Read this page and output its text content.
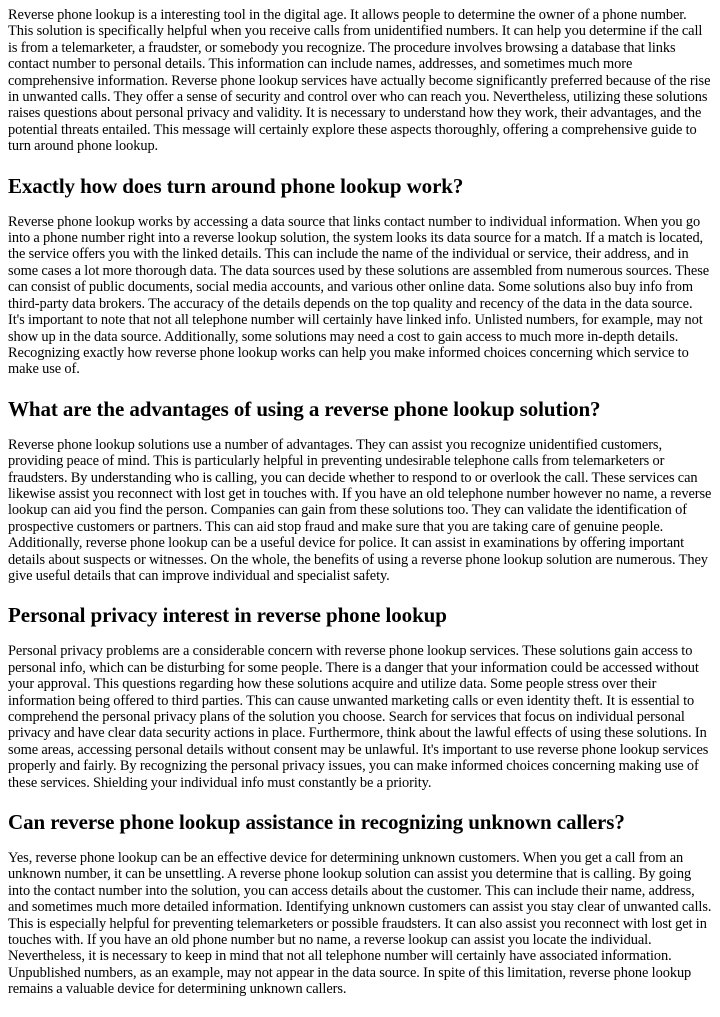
Reverse phone lookup is a interesting tool in the digital age. It allows people to determine the owner of a phone number. This solution is specifically helpful when you receive calls from unidentified numbers. It can help you determine if the call is from a telemarketer, a fraudster, or somebody you recognize. The procedure involves browsing a database that links contact number to personal details. This information can include names, addresses, and sometimes much more comprehensive information. Reverse phone lookup services have actually become significantly preferred because of the rise in unwanted calls. They offer a sense of security and control over who can reach you. Nevertheless, utilizing these solutions raises questions about personal privacy and validity. It is necessary to understand how they work, their advantages, and the potential threats entailed. This message will certainly explore these aspects thoroughly, offering a comprehensive guide to turn around phone lookup.

Exactly how does turn around phone lookup work?

Reverse phone lookup works by accessing a data source that links contact number to individual information. When you go into a phone number right into a reverse lookup solution, the system looks its data source for a match. If a match is located, the service offers you with the linked details. This can include the name of the individual or service, their address, and in some cases a lot more thorough data. The data sources used by these solutions are assembled from numerous sources. These can consist of public documents, social media accounts, and various other online data. Some solutions also buy info from third-party data brokers. The accuracy of the details depends on the top quality and recency of the data in the data source. It's important to note that not all telephone number will certainly have linked info. Unlisted numbers, for example, may not show up in the data source. Additionally, some solutions may need a cost to gain access to much more in-depth details. Recognizing exactly how reverse phone lookup works can help you make informed choices concerning which service to make use of.

What are the advantages of using a reverse phone lookup solution?

Reverse phone lookup solutions use a number of advantages. They can assist you recognize unidentified customers, providing peace of mind. This is particularly helpful in preventing undesirable telephone calls from telemarketers or fraudsters. By understanding who is calling, you can decide whether to respond to or overlook the call. These services can likewise assist you reconnect with lost get in touches with. If you have an old telephone number however no name, a reverse lookup can aid you find the person. Companies can gain from these solutions too. They can validate the identification of prospective customers or partners. This can aid stop fraud and make sure that you are taking care of genuine people. Additionally, reverse phone lookup can be a useful device for police. It can assist in examinations by offering important details about suspects or witnesses. On the whole, the benefits of using a reverse phone lookup solution are numerous. They give useful details that can improve individual and specialist safety.

Personal privacy interest in reverse phone lookup

Personal privacy problems are a considerable concern with reverse phone lookup services. These solutions gain access to personal info, which can be disturbing for some people. There is a danger that your information could be accessed without your approval. This questions regarding how these solutions acquire and utilize data. Some people stress over their information being offered to third parties. This can cause unwanted marketing calls or even identity theft. It is essential to comprehend the personal privacy plans of the solution you choose. Search for services that focus on individual personal privacy and have clear data security actions in place. Furthermore, think about the lawful effects of using these solutions. In some areas, accessing personal details without consent may be unlawful. It's important to use reverse phone lookup services properly and fairly. By recognizing the personal privacy issues, you can make informed choices concerning making use of these services. Shielding your individual info must constantly be a priority.

Can reverse phone lookup assistance in recognizing unknown callers?

Yes, reverse phone lookup can be an effective device for determining unknown customers. When you get a call from an unknown number, it can be unsettling. A reverse phone lookup solution can assist you determine that is calling. By going into the contact number into the solution, you can access details about the customer. This can include their name, address, and sometimes much more detailed information. Identifying unknown customers can assist you stay clear of unwanted calls. This is especially helpful for preventing telemarketers or possible fraudsters. It can also assist you reconnect with lost get in touches with. If you have an old phone number but no name, a reverse lookup can assist you locate the individual. Nevertheless, it is necessary to keep in mind that not all telephone number will certainly have associated information. Unpublished numbers, as an example, may not appear in the data source. In spite of this limitation, reverse phone lookup remains a valuable device for determining unknown callers.
